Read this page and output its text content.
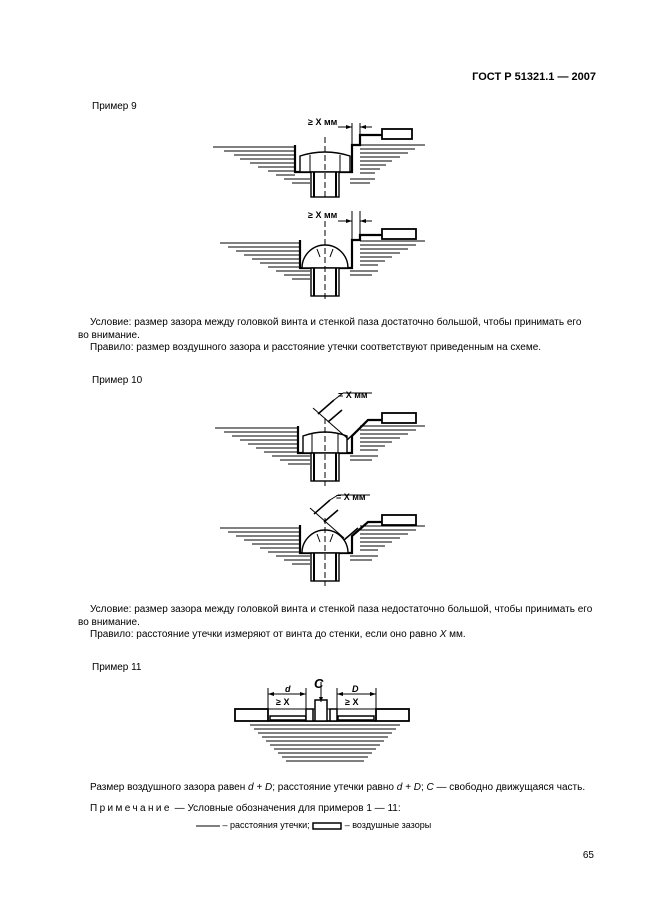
ГОСТ Р 51321.1 — 2007
Пример 9
≥ X мм
≥ X мм
Условие: размер зазора между головкой винта и стенкой паза достаточно большой, чтобы принимать его во внимание.
Правило: размер воздушного зазора и расстояние утечки соответствуют приведенным на схеме.
Пример 10
= X мм
= X мм
Условие: размер зазора между головкой винта и стенкой паза недостаточно большой, чтобы принимать его во внимание.
Правило: расстояние утечки измеряют от винта до стенки, если оно равно X мм.
Пример 11
C
d	D
≥ X	≥ X
Размер воздушного зазора равен d + D; расстояние утечки равно d + D; C — свободно движущаяся часть.
Примечание — Условные обозначения для примеров 1 — 11:
– расстояния утечки;	– воздушные зазоры
65
